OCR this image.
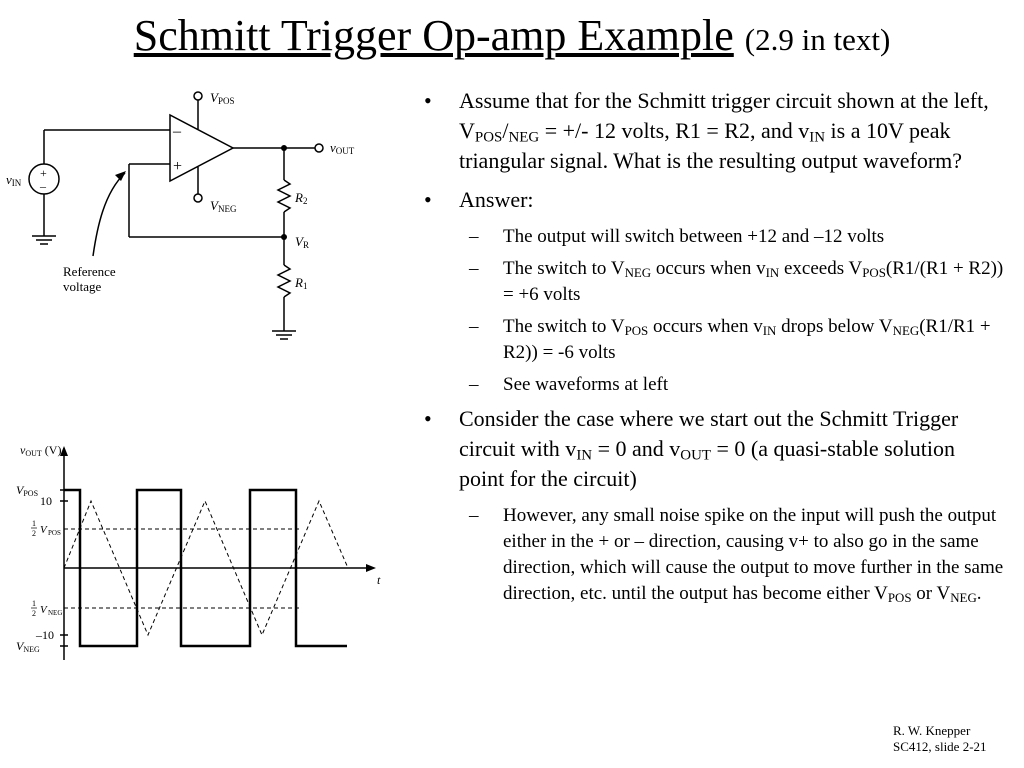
Schmitt Trigger Op-amp Example (2.9 in text)
–
+
+
–
VPOS
VNEG
vOUT
vIN
R2
R1
VR
Reference voltage
vOUT (V)
t
10
–10
VPOS
VNEG
1
2 V POS
1
2 V NEG
• Assume that for the Schmitt trigger circuit shown at the left, $V_{POS}/_{NEG}$ = +/- 12 volts, R1 = R2, and $v_{IN}$ is a 10V peak triangular signal. What is the resulting output waveform?
• Answer:
– The output will switch between +12 and –12 volts
– The switch to $V_{NEG}$ occurs when $v_{IN}$ exceeds $V_{POS}(R1/(R1 + R2)) = +6$ volts
– The switch to $V_{POS}$ occurs when $v_{IN}$ drops below $V_{NEG}(R1/R1 + R2)) = -6$ volts
– See waveforms at left
• Consider the case where we start out the Schmitt Trigger circuit with $v_{IN} = 0$ and $v_{OUT} = 0$ (a quasi-stable solution point for the circuit)
– However, any small noise spike on the input will push the output either in the + or – direction, causing v+ to also go in the same direction, which will cause the output to move further in the same direction, etc. until the output has become either $V_{POS}$ or $V_{NEG}$.
R. W. Knepper
SC412, slide 2-21
